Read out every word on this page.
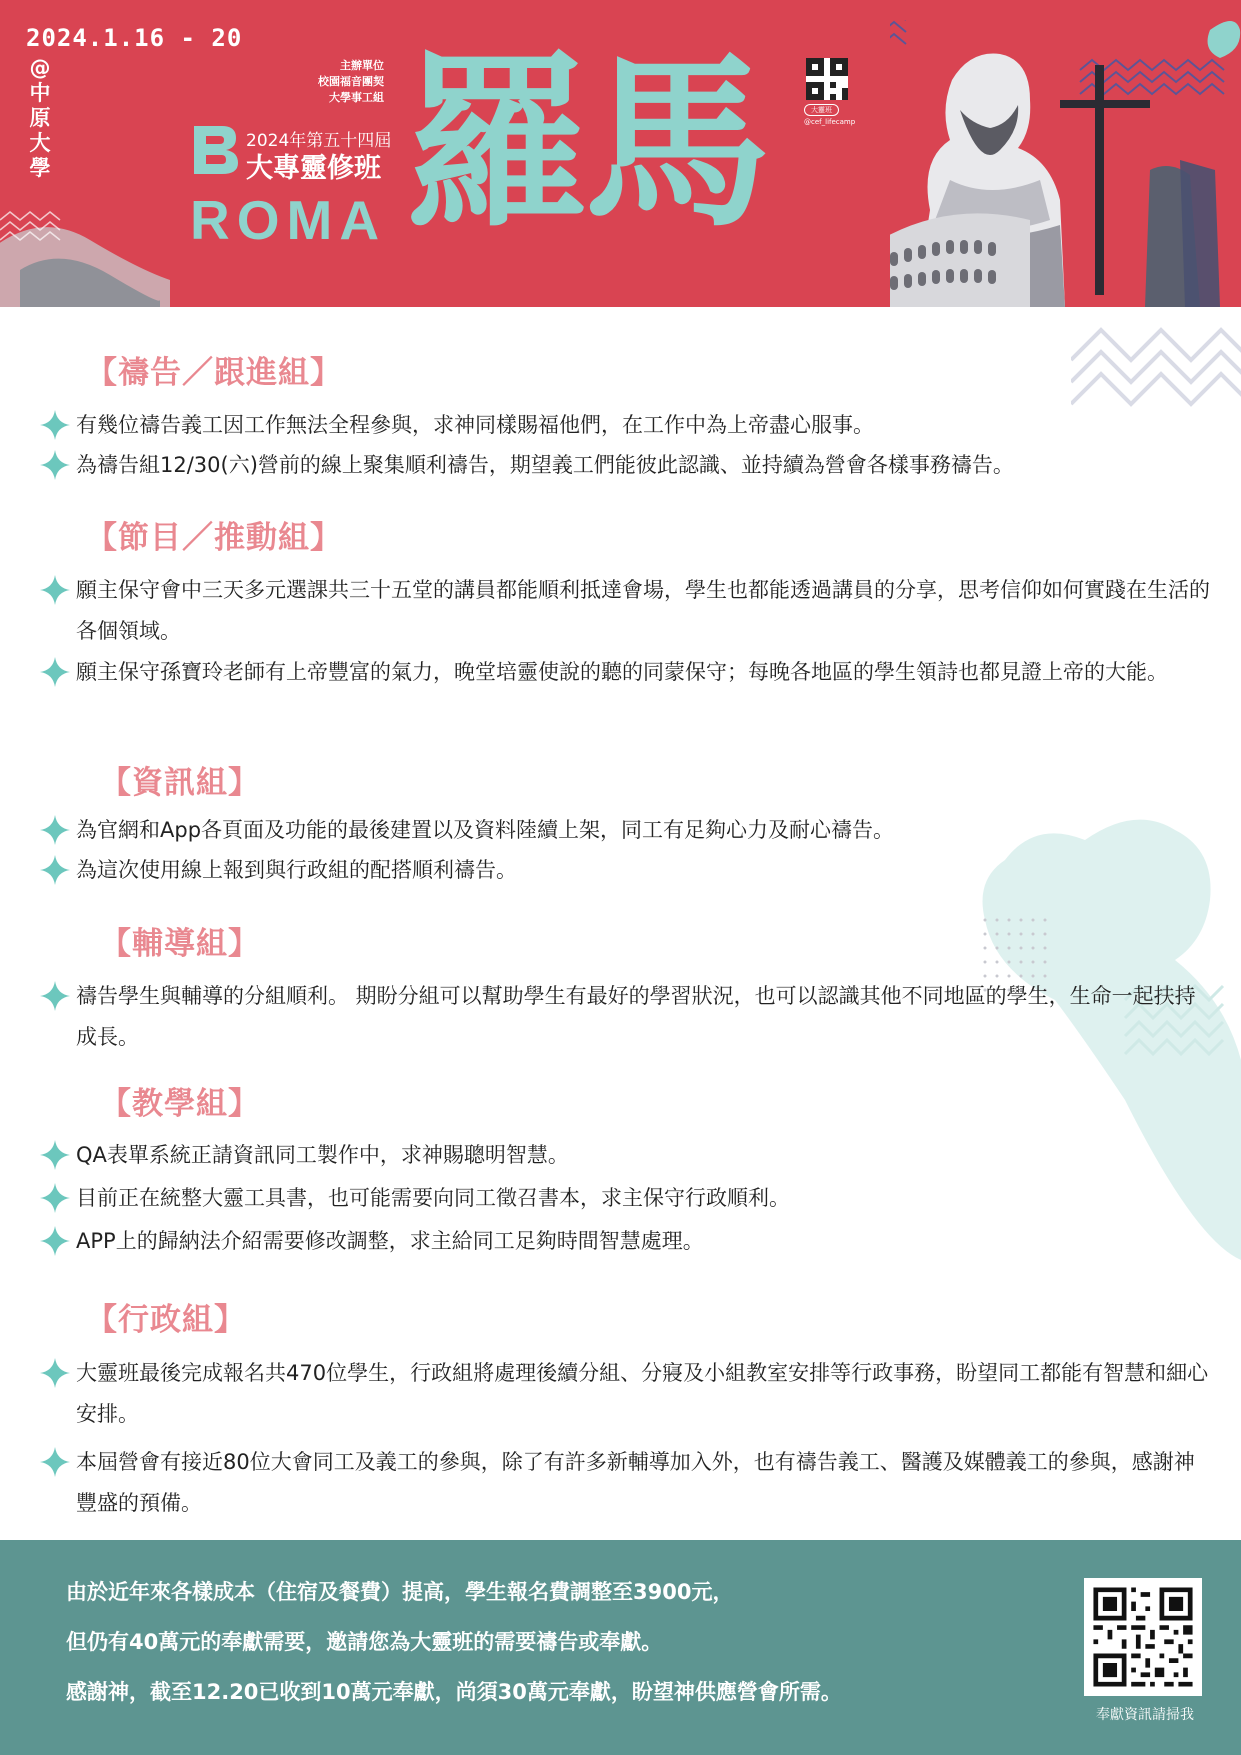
2024.1.16 - 20
@中原大學
主辦單位
校園福音團契
大學事工組
2024年第五十四屆
大專靈修班
ROMA 羅馬	大靈班
@cef_lifecamp
【禱告／跟進組】
有幾位禱告義工因工作無法全程參與，求神同樣賜福他們，在工作中為上帝盡心服事。
為禱告組12/30(六)營前的線上聚集順利禱告，期望義工們能彼此認識、並持續為營會各樣事務禱告。
【節目／推動組】
願主保守會中三天多元選課共三十五堂的講員都能順利抵達會場，學生也都能透過講員的分享，思考信仰如何實踐在生活的各個領域。
願主保守孫寶玲老師有上帝豐富的氣力，晚堂培靈使說的聽的同蒙保守；每晚各地區的學生領詩也都見證上帝的大能。
【資訊組】
為官網和App各頁面及功能的最後建置以及資料陸續上架，同工有足夠心力及耐心禱告。
為這次使用線上報到與行政組的配搭順利禱告。
【輔導組】
禱告學生與輔導的分組順利。 期盼分組可以幫助學生有最好的學習狀況，也可以認識其他不同地區的學生，生命一起扶持成長。
【教學組】
QA表單系統正請資訊同工製作中，求神賜聰明智慧。
目前正在統整大靈工具書，也可能需要向同工徵召書本，求主保守行政順利。
APP上的歸納法介紹需要修改調整，求主給同工足夠時間智慧處理。
【行政組】
大靈班最後完成報名共470位學生，行政組將處理後續分組、分寢及小組教室安排等行政事務，盼望同工都能有智慧和細心安排。
本屆營會有接近80位大會同工及義工的參與，除了有許多新輔導加入外，也有禱告義工、醫護及媒體義工的參與，感謝神豐盛的預備。
由於近年來各樣成本（住宿及餐費）提高，學生報名費調整至3900元，
但仍有40萬元的奉獻需要，邀請您為大靈班的需要禱告或奉獻。
感謝神，截至12.20已收到10萬元奉獻，尚須30萬元奉獻，盼望神供應營會所需。
奉獻資訊請掃我
